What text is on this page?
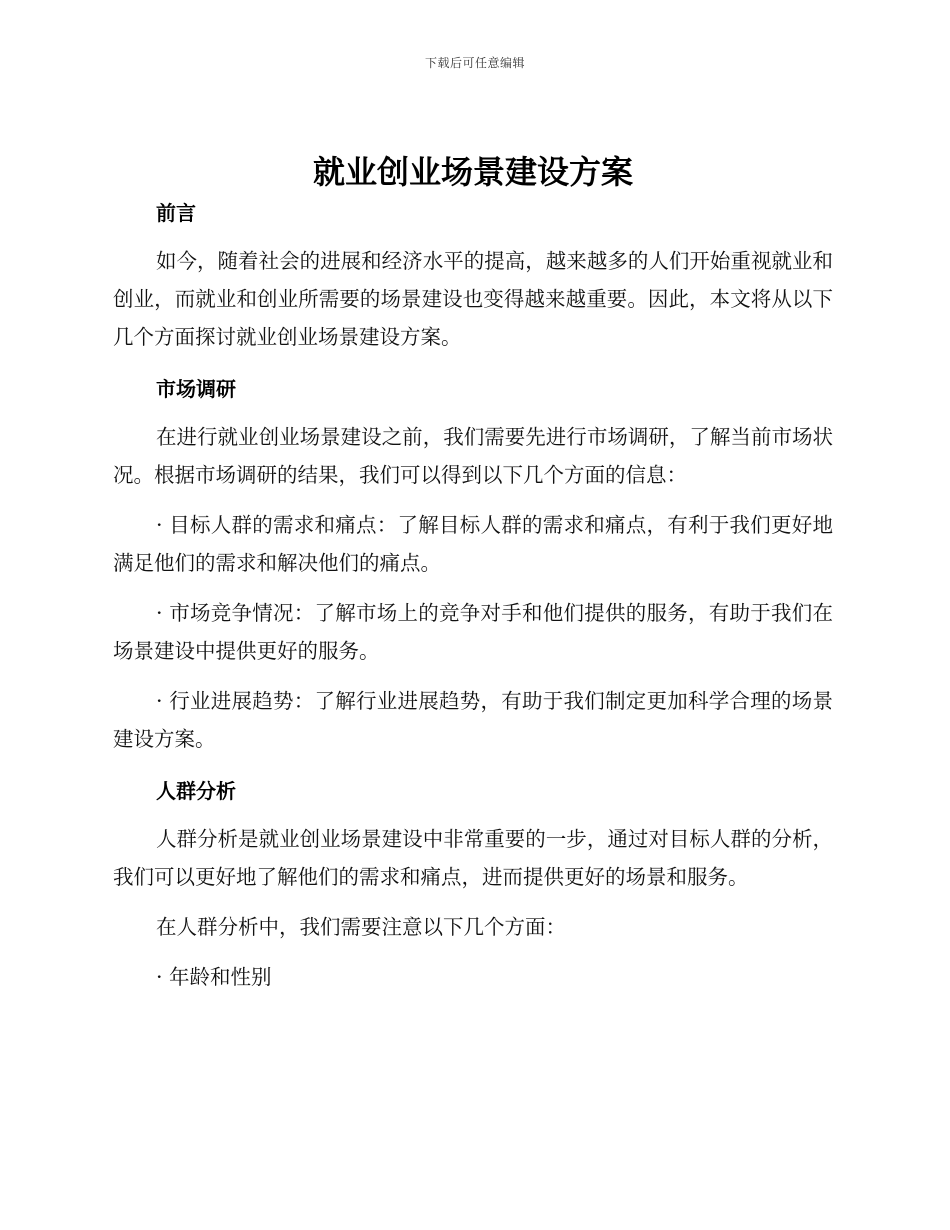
下载后可任意编辑
就业创业场景建设方案
前言

如今，随着社会的进展和经济水平的提高，越来越多的人们开始重视就业和创业，而就业和创业所需要的场景建设也变得越来越重要。因此，本文将从以下几个方面探讨就业创业场景建设方案。

市场调研

在进行就业创业场景建设之前，我们需要先进行市场调研，了解当前市场状况。根据市场调研的结果，我们可以得到以下几个方面的信息：

· 目标人群的需求和痛点：了解目标人群的需求和痛点，有利于我们更好地满足他们的需求和解决他们的痛点。

· 市场竞争情况：了解市场上的竞争对手和他们提供的服务，有助于我们在场景建设中提供更好的服务。

· 行业进展趋势：了解行业进展趋势，有助于我们制定更加科学合理的场景建设方案。

人群分析

人群分析是就业创业场景建设中非常重要的一步，通过对目标人群的分析，我们可以更好地了解他们的需求和痛点，进而提供更好的场景和服务。

在人群分析中，我们需要注意以下几个方面：

· 年龄和性别
